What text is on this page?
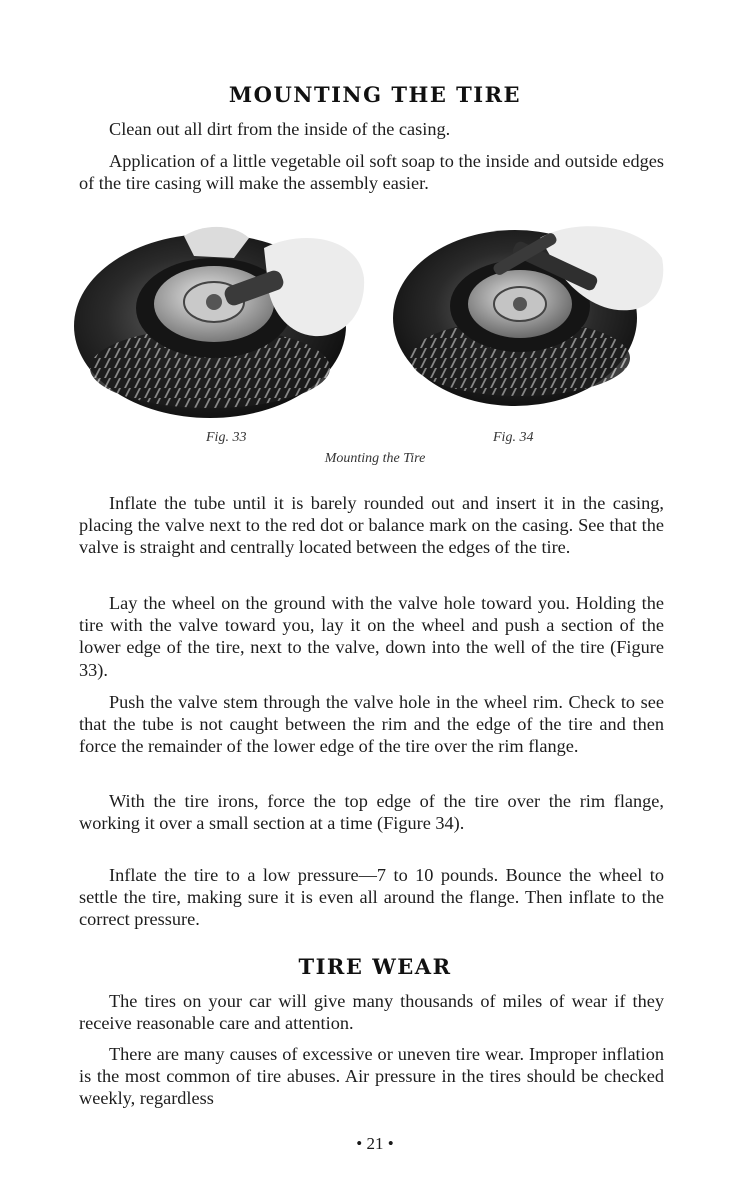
MOUNTING THE TIRE

Clean out all dirt from the inside of the casing.

Application of a little vegetable oil soft soap to the inside and outside edges of the tire casing will make the assembly easier.

Fig. 33	Fig. 34
Mounting the Tire

Inflate the tube until it is barely rounded out and insert it in the casing, placing the valve next to the red dot or balance mark on the casing. See that the valve is straight and centrally located between the edges of the tire.

Lay the wheel on the ground with the valve hole toward you. Holding the tire with the valve toward you, lay it on the wheel and push a section of the lower edge of the tire, next to the valve, down into the well of the tire (Figure 33).

Push the valve stem through the valve hole in the wheel rim. Check to see that the tube is not caught between the rim and the edge of the tire and then force the remainder of the lower edge of the tire over the rim flange.

With the tire irons, force the top edge of the tire over the rim flange, working it over a small section at a time (Figure 34).

Inflate the tire to a low pressure—7 to 10 pounds. Bounce the wheel to settle the tire, making sure it is even all around the flange. Then inflate to the correct pressure.

TIRE WEAR

The tires on your car will give many thousands of miles of wear if they receive reasonable care and attention.

There are many causes of excessive or uneven tire wear. Improper inflation is the most common of tire abuses. Air pressure in the tires should be checked weekly, regardless

• 21 •
